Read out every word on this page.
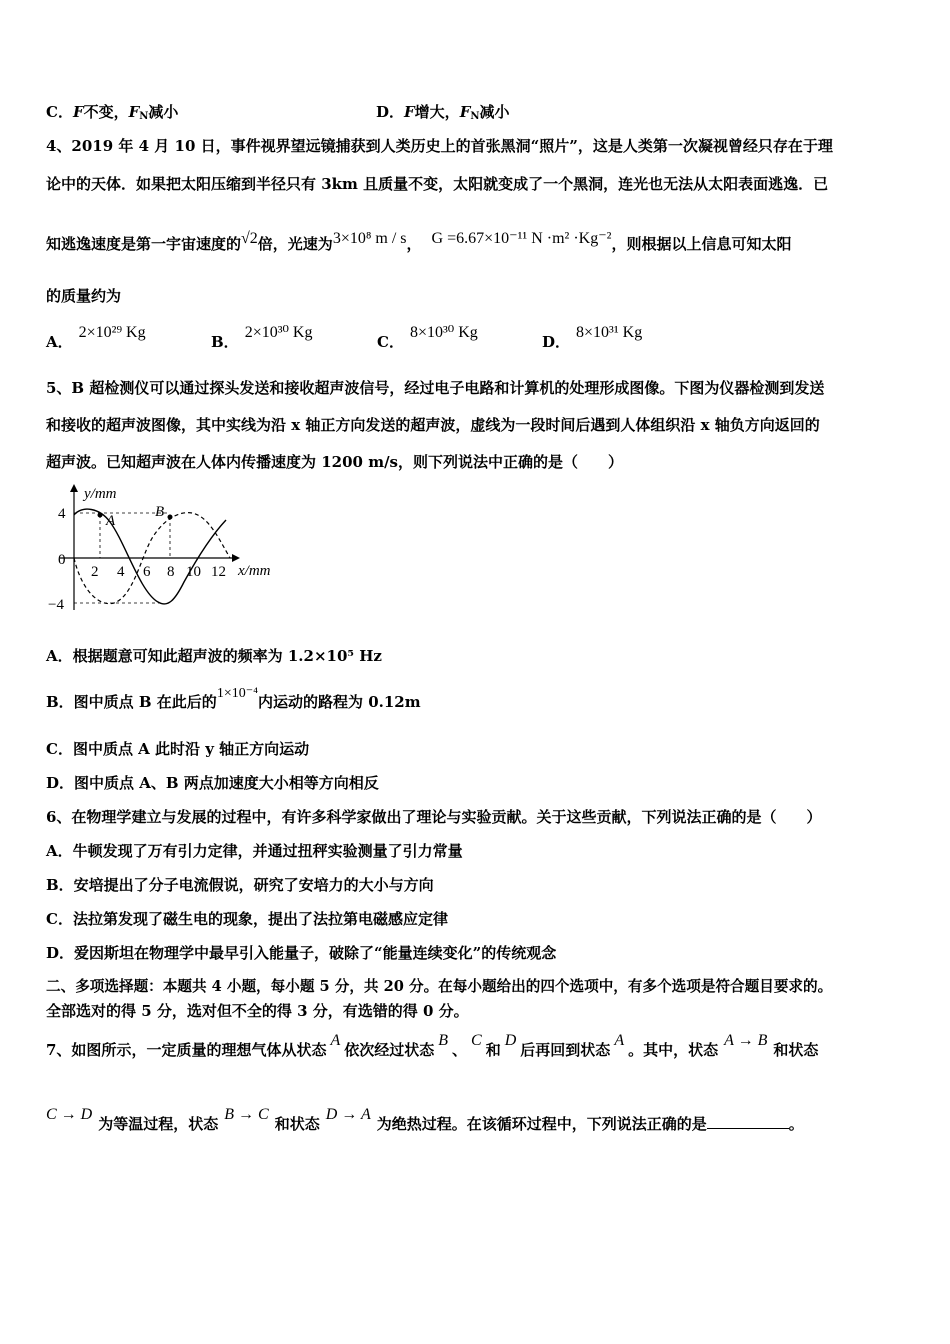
C．F不变，$F_N$减小	D．F增大，$F_N$减小
4、2019 年 4 月 10 日，事件视界望远镜捕获到人类历史上的首张黑洞“照片”，这是人类第一次凝视曾经只存在于理
论中的天体．如果把太阳压缩到半径只有 3km 且质量不变，太阳就变成了一个黑洞，连光也无法从太阳表面逃逸．已
知逃逸速度是第一宇宙速度的√2倍，光速为3×10⁸ m / s， G =6.67×10⁻¹¹ N ·m² ·Kg⁻²，则根据以上信息可知太阳
的质量约为
A．2×10²⁹ Kg
B．2×10³⁰ Kg
C．8×10³⁰ Kg
D．8×10³¹ Kg
5、B 超检测仪可以通过探头发送和接收超声波信号，经过电子电路和计算机的处理形成图像。下图为仪器检测到发送
和接收的超声波图像，其中实线为沿 x 轴正方向发送的超声波，虚线为一段时间后遇到人体组织沿 x 轴负方向返回的
超声波。已知超声波在人体内传播速度为 1200 m/s，则下列说法中正确的是（　　）
y/mm
x/mm
4
0
−4
2 4 6 8 10 12
A
B
A．根据题意可知此超声波的频率为 1.2×10⁵ Hz
B．图中质点 B 在此后的1×10⁻⁴内运动的路程为 0.12m
C．图中质点 A 此时沿 y 轴正方向运动
D．图中质点 A、B 两点加速度大小相等方向相反
6、在物理学建立与发展的过程中，有许多科学家做出了理论与实验贡献。关于这些贡献，下列说法正确的是（　　）
A．牛顿发现了万有引力定律，并通过扭秤实验测量了引力常量
B．安培提出了分子电流假说，研究了安培力的大小与方向
C．法拉第发现了磁生电的现象，提出了法拉第电磁感应定律
D．爱因斯坦在物理学中最早引入能量子，破除了“能量连续变化”的传统观念
二、多项选择题：本题共 4 小题，每小题 5 分，共 20 分。在每小题给出的四个选项中，有多个选项是符合题目要求的。
全部选对的得 5 分，选对但不全的得 3 分，有选错的得 0 分。
7、如图所示，一定质量的理想气体从状态A依次经过状态B、C和D后再回到状态A。其中，状态A → B和状态
C → D为等温过程，状态B → C和状态D → A为绝热过程。在该循环过程中，下列说法正确的是	。
